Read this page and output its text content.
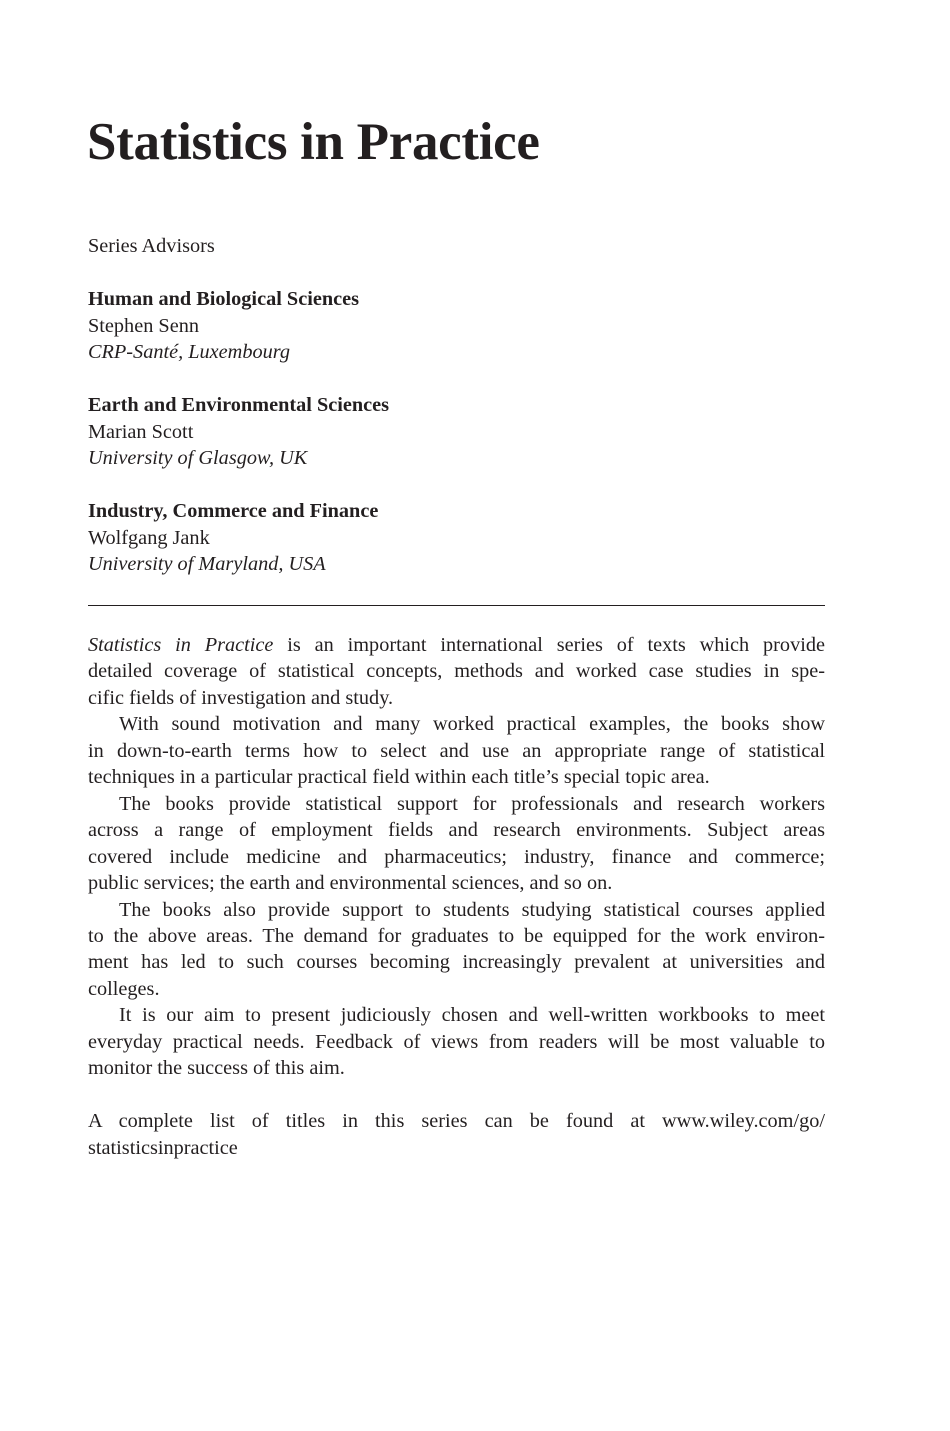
Statistics in Practice
Series Advisors
Human and Biological Sciences
Stephen Senn
CRP-Santé, Luxembourg
Earth and Environmental Sciences
Marian Scott
University of Glasgow, UK
Industry, Commerce and Finance
Wolfgang Jank
University of Maryland, USA
Statistics in Practice is an important international series of texts which provide
detailed coverage of statistical concepts, methods and worked case studies in spe-
cific fields of investigation and study.
With sound motivation and many worked practical examples, the books show
in down-to-earth terms how to select and use an appropriate range of statistical
techniques in a particular practical field within each title’s special topic area.
The books provide statistical support for professionals and research workers
across a range of employment fields and research environments. Subject areas
covered include medicine and pharmaceutics; industry, finance and commerce;
public services; the earth and environmental sciences, and so on.
The books also provide support to students studying statistical courses applied
to the above areas. The demand for graduates to be equipped for the work environ-
ment has led to such courses becoming increasingly prevalent at universities and
colleges.
It is our aim to present judiciously chosen and well-written workbooks to meet
everyday practical needs. Feedback of views from readers will be most valuable to
monitor the success of this aim.
A complete list of titles in this series can be found at www.wiley.com/go/
statisticsinpractice
